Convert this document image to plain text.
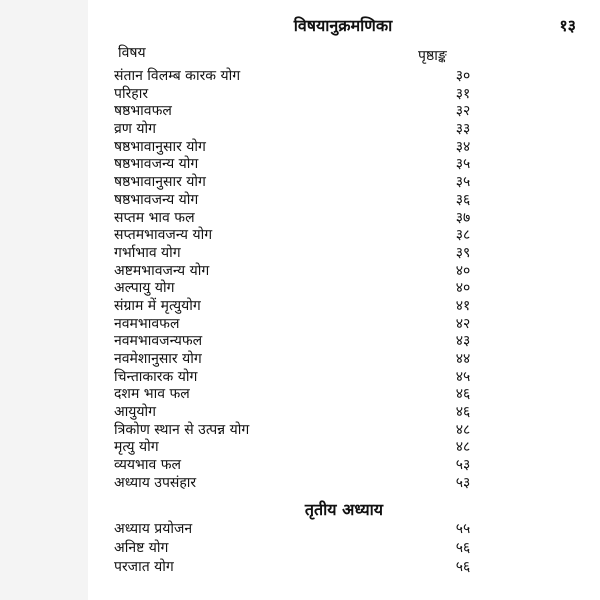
विषयानुक्रमणिका	१३
विषय	पृष्ठाङ्क
संतान विलम्ब कारक योग	३०
परिहार	३१
षष्ठभावफल	३२
व्रण योग	३३
षष्ठभावानुसार योग	३४
षष्ठभावजन्य योग	३५
षष्ठभावानुसार योग	३५
षष्ठभावजन्य योग	३६
सप्तम भाव फल	३७
सप्तमभावजन्य योग	३८
गर्भाभाव योग	३९
अष्टमभावजन्य योग	४०
अल्पायु योग	४०
संग्राम में मृत्युयोग	४१
नवमभावफल	४२
नवमभावजन्यफल	४३
नवमेशानुसार योग	४४
चिन्ताकारक योग	४५
दशम भाव फल	४६
आयुयोग	४६
त्रिकोण स्थान से उत्पन्न योग	४८
मृत्यु योग	४८
व्ययभाव फल	५३
अध्याय उपसंहार	५३
तृतीय अध्याय
अध्याय प्रयोजन	५५
अनिष्ट योग	५६
परजात योग	५६
